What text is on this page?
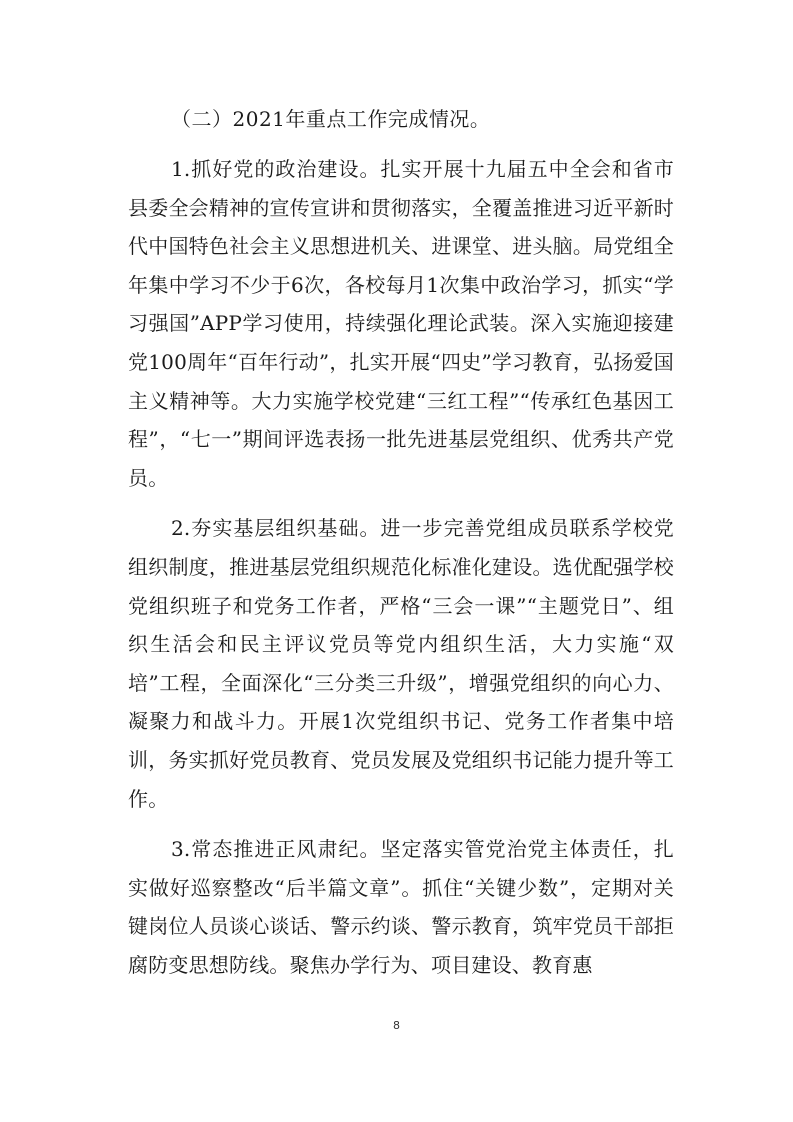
（二）2021年重点工作完成情况。

1.抓好党的政治建设。扎实开展十九届五中全会和省市县委全会精神的宣传宣讲和贯彻落实，全覆盖推进习近平新时代中国特色社会主义思想进机关、进课堂、进头脑。局党组全年集中学习不少于6次，各校每月1次集中政治学习，抓实“学习强国”APP学习使用，持续强化理论武装。深入实施迎接建党100周年“百年行动”，扎实开展“四史”学习教育，弘扬爱国主义精神等。大力实施学校党建“三红工程”“传承红色基因工程”，“七一”期间评选表扬一批先进基层党组织、优秀共产党员。

2.夯实基层组织基础。进一步完善党组成员联系学校党组织制度，推进基层党组织规范化标准化建设。选优配强学校党组织班子和党务工作者，严格“三会一课”“主题党日”、组织生活会和民主评议党员等党内组织生活，大力实施“双培”工程，全面深化“三分类三升级”，增强党组织的向心力、凝聚力和战斗力。开展1次党组织书记、党务工作者集中培训，务实抓好党员教育、党员发展及党组织书记能力提升等工作。

3.常态推进正风肃纪。坚定落实管党治党主体责任，扎实做好巡察整改“后半篇文章”。抓住“关键少数”，定期对关键岗位人员谈心谈话、警示约谈、警示教育，筑牢党员干部拒腐防变思想防线。聚焦办学行为、项目建设、教育惠

8
